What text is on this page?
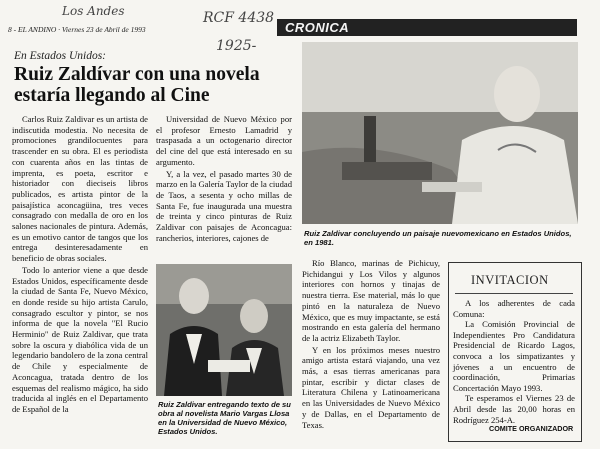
Los Andes
8 - EL ANDINO · Viernes 23 de Abril de 1993
RCF 4438
CRONICA
1925-
En Estados Unidos:
Ruiz Zaldívar con una novela estaría llegando al Cine

Carlos Ruiz Zaldivar es un artista de indiscutida modestia. No necesita de promociones grandilocuentes para trascender en su obra. El es periodista con cuarenta años en las tintas de imprenta, es poeta, escritor e historiador con dieciseis libros publicados, es artista pintor de la paisajística aconcagüina, tres veces consagrado con medalla de oro en los salones nacionales de pintura. Además, es un emotivo cantor de tangos que los entrega desinteresadamente en beneficio de obras sociales.

Todo lo anterior viene a que desde Estados Unidos, específicamente desde la ciudad de Santa Fe, Nuevo México, en donde reside su hijo artista Carulo, consagrado escultor y pintor, se nos informa de que la novela "El Rucio Herminio" de Ruiz Zaldivar, que trata sobre la oscura y diabólica vida de un legendario bandolero de la zona central de Chile y especialmente de Aconcagua, tratada dentro de los esquemas del realismo mágico, ha sido traducida al inglés en el Departamento de Español de la

Universidad de Nuevo México por el profesor Ernesto Lamadrid y traspasada a un octogenario director del cine del que está interesado en su argumento.

Y, a la vez, el pasado martes 30 de marzo en la Galería Taylor de la ciudad de Taos, a sesenta y ocho millas de Santa Fe, fue inaugurada una muestra de treinta y cinco pinturas de Ruiz Zaldivar con paisajes de Aconcagua: rancherios, interiores, cajones de

Ruiz Zaldivar entregando texto de su obra al novelista Mario Vargas Llosa en la Universidad de Nuevo México, Estados Unidos.
Ruiz Zaldivar concluyendo un paisaje nuevomexicano en Estados Unidos, en 1981.

Río Blanco, marinas de Pichicuy, Pichidangui y Los Vilos y algunos interiores con hornos y tinajas de nuestra tierra. Ese material, más lo que pintó en la naturaleza de Nuevo México, que es muy impactante, se está mostrando en esta galería del hermano de la actriz Elizabeth Taylor.

Y en los próximos meses nuestro amigo artista estará viajando, una vez más, a esas tierras americanas para pintar, escribir y dictar clases de Literatura Chilena y Latinoamericana en las Universidades de Nuevo México y de Dallas, en el Departamento de Texas.

INVITACION

A los adherentes de cada Comuna:

La Comisión Provincial de Independientes Pro Candidatura Presidencial de Ricardo Lagos, convoca a los simpatizantes y jóvenes a un encuentro de coordinación, Primarias Concertación Mayo 1993.

Te esperamos el Viernes 23 de Abril desde las 20,00 horas en Rodríguez 254-A.

COMITE ORGANIZADOR
